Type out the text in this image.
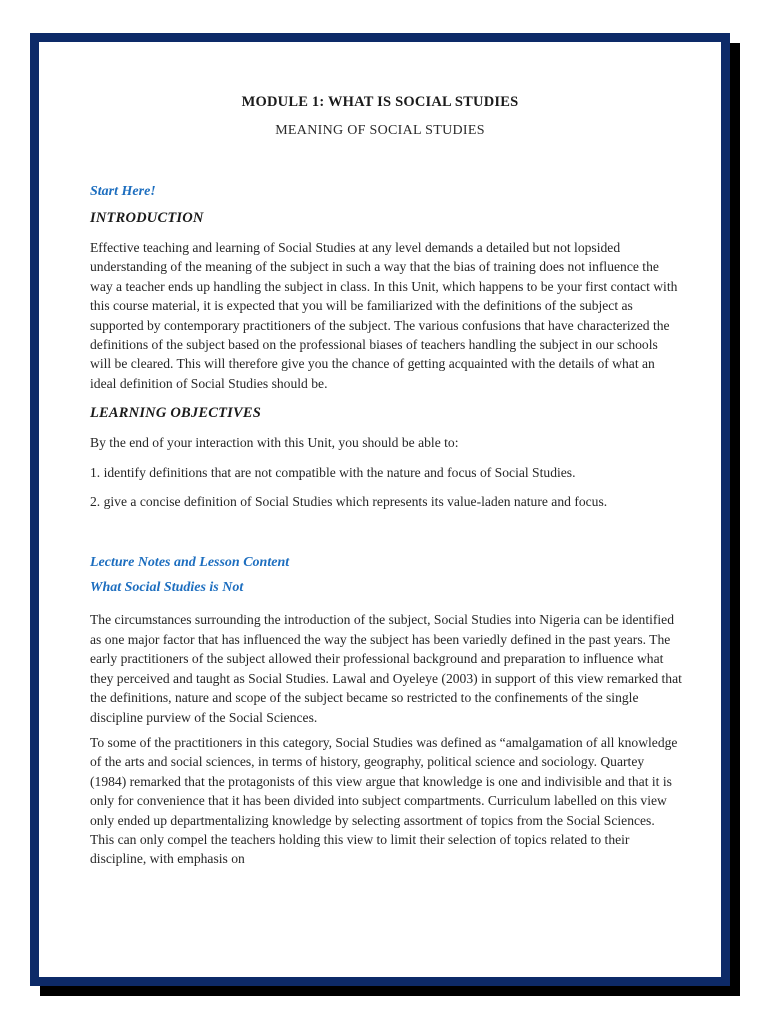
MODULE 1: WHAT IS SOCIAL STUDIES
MEANING OF SOCIAL STUDIES

Start Here!

INTRODUCTION

Effective teaching and learning of Social Studies at any level demands a detailed but not lopsided understanding of the meaning of the subject in such a way that the bias of training does not influence the way a teacher ends up handling the subject in class. In this Unit, which happens to be your first contact with this course material, it is expected that you will be familiarized with the definitions of the subject as supported by contemporary practitioners of the subject. The various confusions that have characterized the definitions of the subject based on the professional biases of teachers handling the subject in our schools will be cleared. This will therefore give you the chance of getting acquainted with the details of what an ideal definition of Social Studies should be.

LEARNING OBJECTIVES

By the end of your interaction with this Unit, you should be able to:

1. identify definitions that are not compatible with the nature and focus of Social Studies.

2. give a concise definition of Social Studies which represents its value-laden nature and focus.

Lecture Notes and Lesson Content

What Social Studies is Not

The circumstances surrounding the introduction of the subject, Social Studies into Nigeria can be identified as one major factor that has influenced the way the subject has been variedly defined in the past years. The early practitioners of the subject allowed their professional background and preparation to influence what they perceived and taught as Social Studies. Lawal and Oyeleye (2003) in support of this view remarked that the definitions, nature and scope of the subject became so restricted to the confinements of the single discipline purview of the Social Sciences.

To some of the practitioners in this category, Social Studies was defined as “amalgamation of all knowledge of the arts and social sciences, in terms of history, geography, political science and sociology. Quartey (1984) remarked that the protagonists of this view argue that knowledge is one and indivisible and that it is only for convenience that it has been divided into subject compartments. Curriculum labelled on this view only ended up departmentalizing knowledge by selecting assortment of topics from the Social Sciences. This can only compel the teachers holding this view to limit their selection of topics related to their discipline, with emphasis on
